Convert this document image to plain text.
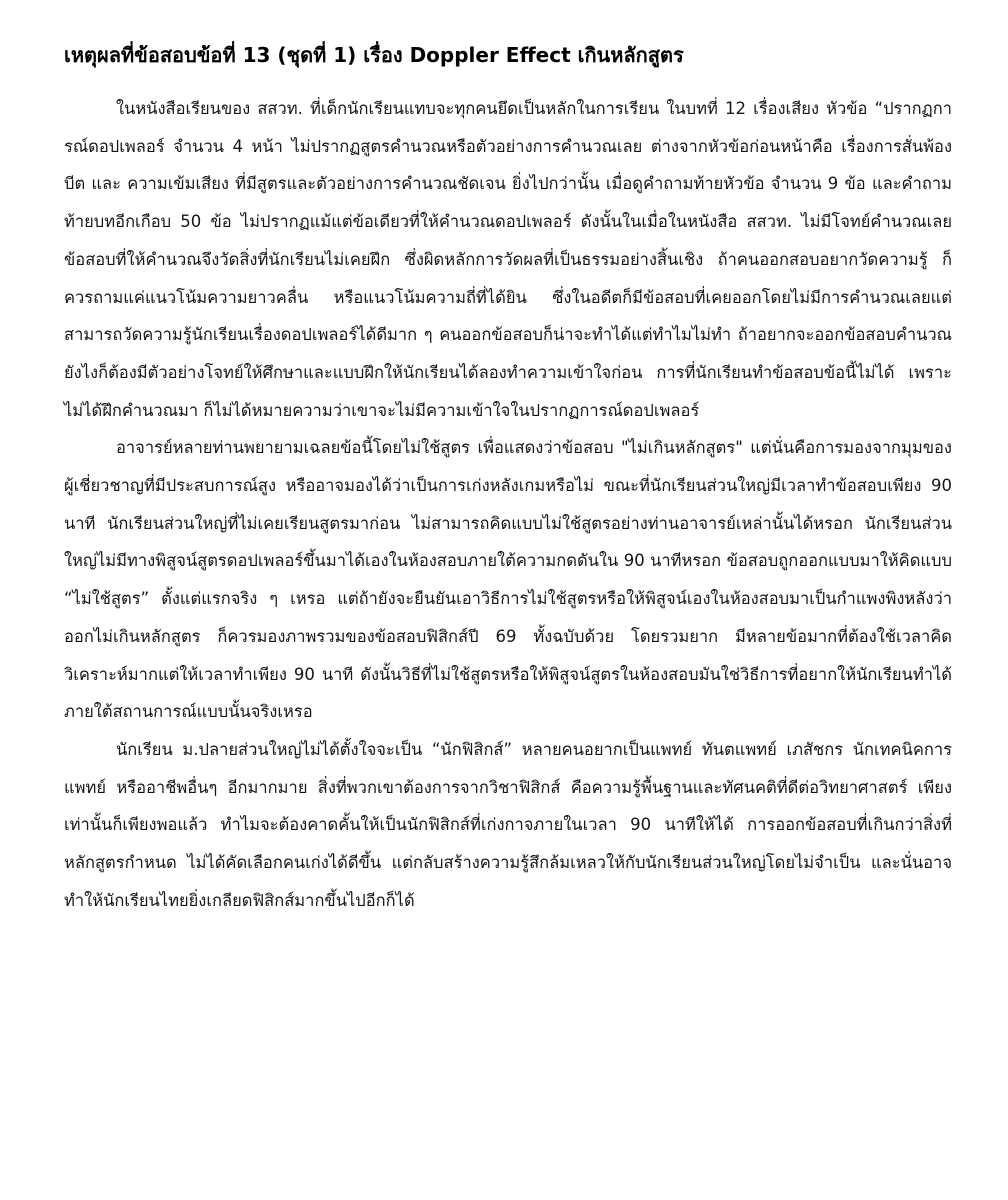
เหตุผลที่ข้อสอบข้อที่ 13 (ชุดที่ 1) เรื่อง Doppler Effect เกินหลักสูตร

ในหนังสือเรียนของ สสวท. ที่เด็กนักเรียนแทบจะทุกคนยึดเป็นหลักในการเรียน ในบทที่ 12 เรื่องเสียง หัวข้อ “ปรากฏการณ์ดอปเพลอร์ จำนวน 4 หน้า ไม่ปรากฏสูตรคำนวณหรือตัวอย่างการคำนวณเลย ต่างจากหัวข้อก่อนหน้าคือ เรื่องการสั่นพ้อง บีต และ ความเข้มเสียง ที่มีสูตรและตัวอย่างการคำนวณชัดเจน ยิ่งไปกว่านั้น เมื่อดูคำถามท้ายหัวข้อ จำนวน 9 ข้อ และคำถามท้ายบทอีกเกือบ 50 ข้อ ไม่ปรากฏแม้แต่ข้อเดียวที่ให้คำนวณดอปเพลอร์ ดังนั้นในเมื่อในหนังสือ สสวท. ไม่มีโจทย์คำนวณเลย ข้อสอบที่ให้คำนวณจึงวัดสิ่งที่นักเรียนไม่เคยฝึก ซึ่งผิดหลักการวัดผลที่เป็นธรรมอย่างสิ้นเชิง ถ้าคนออกสอบอยากวัดความรู้ ก็ควรถามแค่แนวโน้มความยาวคลื่น หรือแนวโน้มความถี่ที่ได้ยิน ซึ่งในอดีตก็มีข้อสอบที่เคยออกโดยไม่มีการคำนวณเลยแต่สามารถวัดความรู้นักเรียนเรื่องดอปเพลอร์ได้ดีมาก ๆ คนออกข้อสอบก็น่าจะทำได้แต่ทำไมไม่ทำ ถ้าอยากจะออกข้อสอบคำนวณยังไงก็ต้องมีตัวอย่างโจทย์ให้ศึกษาและแบบฝึกให้นักเรียนได้ลองทำความเข้าใจก่อน การที่นักเรียนทำข้อสอบข้อนี้ไม่ได้ เพราะไม่ได้ฝึกคำนวณมา ก็ไม่ได้หมายความว่าเขาจะไม่มีความเข้าใจในปรากฏการณ์ดอปเพลอร์

อาจารย์หลายท่านพยายามเฉลยข้อนี้โดยไม่ใช้สูตร เพื่อแสดงว่าข้อสอบ "ไม่เกินหลักสูตร" แต่นั่นคือการมองจากมุมของผู้เชี่ยวชาญที่มีประสบการณ์สูง หรืออาจมองได้ว่าเป็นการเก่งหลังเกมหรือไม่ ขณะที่นักเรียนส่วนใหญ่มีเวลาทำข้อสอบเพียง 90 นาที นักเรียนส่วนใหญ่ที่ไม่เคยเรียนสูตรมาก่อน ไม่สามารถคิดแบบไม่ใช้สูตรอย่างท่านอาจารย์เหล่านั้นได้หรอก นักเรียนส่วนใหญ่ไม่มีทางพิสูจน์สูตรดอปเพลอร์ขึ้นมาได้เองในห้องสอบภายใต้ความกดดันใน 90 นาทีหรอก ข้อสอบถูกออกแบบมาให้คิดแบบ “ไม่ใช้สูตร” ตั้งแต่แรกจริง ๆ เหรอ แต่ถ้ายังจะยืนยันเอาวิธีการไม่ใช้สูตรหรือให้พิสูจน์เองในห้องสอบมาเป็นกำแพงพิงหลังว่าออกไม่เกินหลักสูตร ก็ควรมองภาพรวมของข้อสอบฟิสิกส์ปี 69 ทั้งฉบับด้วย โดยรวมยาก มีหลายข้อมากที่ต้องใช้เวลาคิดวิเคราะห์มากแต่ให้เวลาทำเพียง 90 นาที ดังนั้นวิธีที่ไม่ใช้สูตรหรือให้พิสูจน์สูตรในห้องสอบมันใช่วิธีการที่อยากให้นักเรียนทำได้ภายใต้สถานการณ์แบบนั้นจริงเหรอ

นักเรียน ม.ปลายส่วนใหญ่ไม่ได้ตั้งใจจะเป็น “นักฟิสิกส์” หลายคนอยากเป็นแพทย์ ทันตแพทย์ เภสัชกร นักเทคนิคการแพทย์ หรืออาชีพอื่นๆ อีกมากมาย สิ่งที่พวกเขาต้องการจากวิชาฟิสิกส์ คือความรู้พื้นฐานและทัศนคติที่ดีต่อวิทยาศาสตร์ เพียงเท่านั้นก็เพียงพอแล้ว ทำไมจะต้องคาดคั้นให้เป็นนักฟิสิกส์ที่เก่งกาจภายในเวลา 90 นาทีให้ได้ การออกข้อสอบที่เกินกว่าสิ่งที่หลักสูตรกำหนด ไม่ได้คัดเลือกคนเก่งได้ดีขึ้น แต่กลับสร้างความรู้สึกล้มเหลวให้กับนักเรียนส่วนใหญ่โดยไม่จำเป็น และนั่นอาจทำให้นักเรียนไทยยิ่งเกลียดฟิสิกส์มากขึ้นไปอีกก็ได้
